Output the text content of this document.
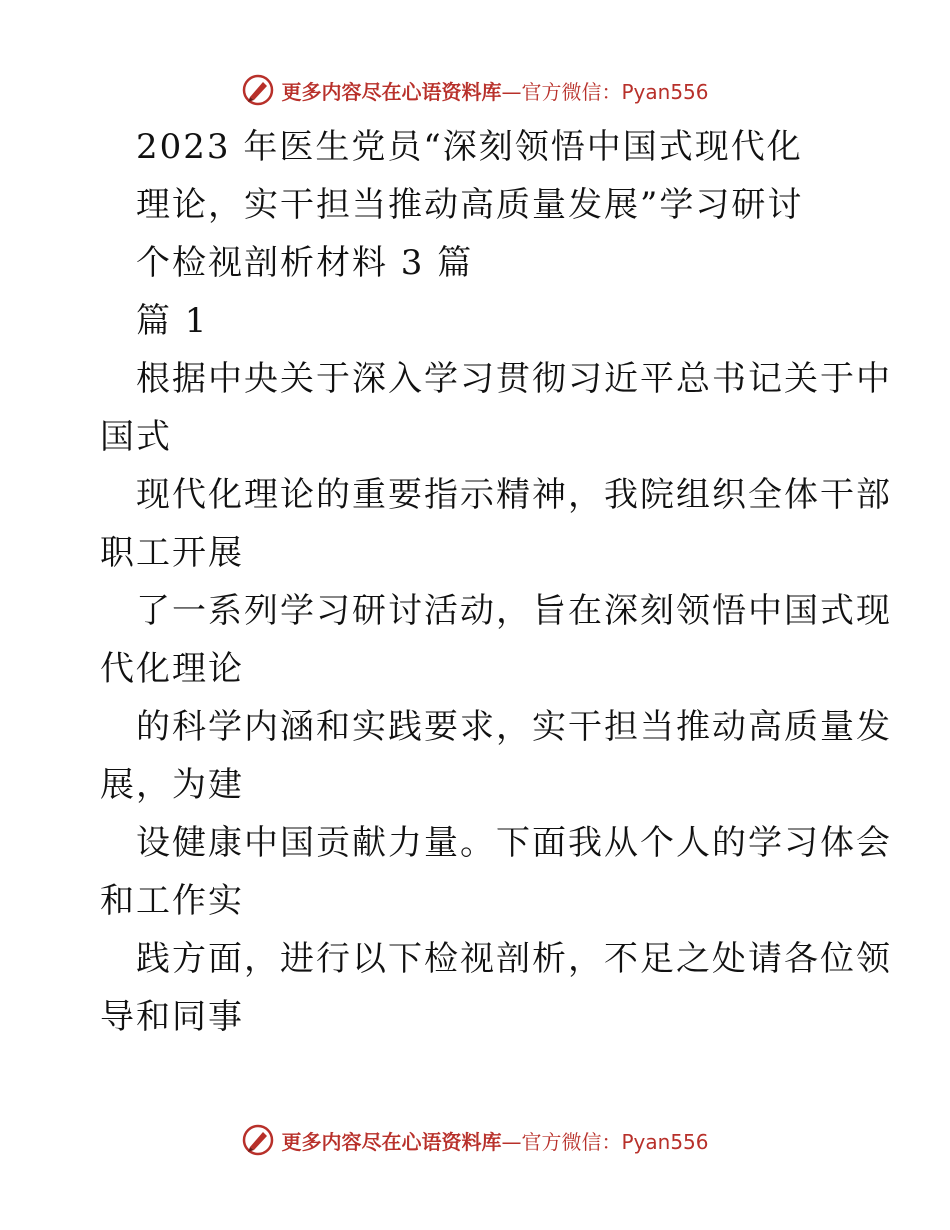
更多内容尽在心语资料库—官方微信：Pyan556
2023 年医生党员“深刻领悟中国式现代化
理论，实干担当推动高质量发展”学习研讨
个检视剖析材料 3 篇
篇 1
根据中央关于深入学习贯彻习近平总书记关于中
国式
现代化理论的重要指示精神，我院组织全体干部
职工开展
了一系列学习研讨活动，旨在深刻领悟中国式现
代化理论
的科学内涵和实践要求，实干担当推动高质量发
展，为建
设健康中国贡献力量。下面我从个人的学习体会
和工作实
践方面，进行以下检视剖析，不足之处请各位领
导和同事
更多内容尽在心语资料库—官方微信：Pyan556
